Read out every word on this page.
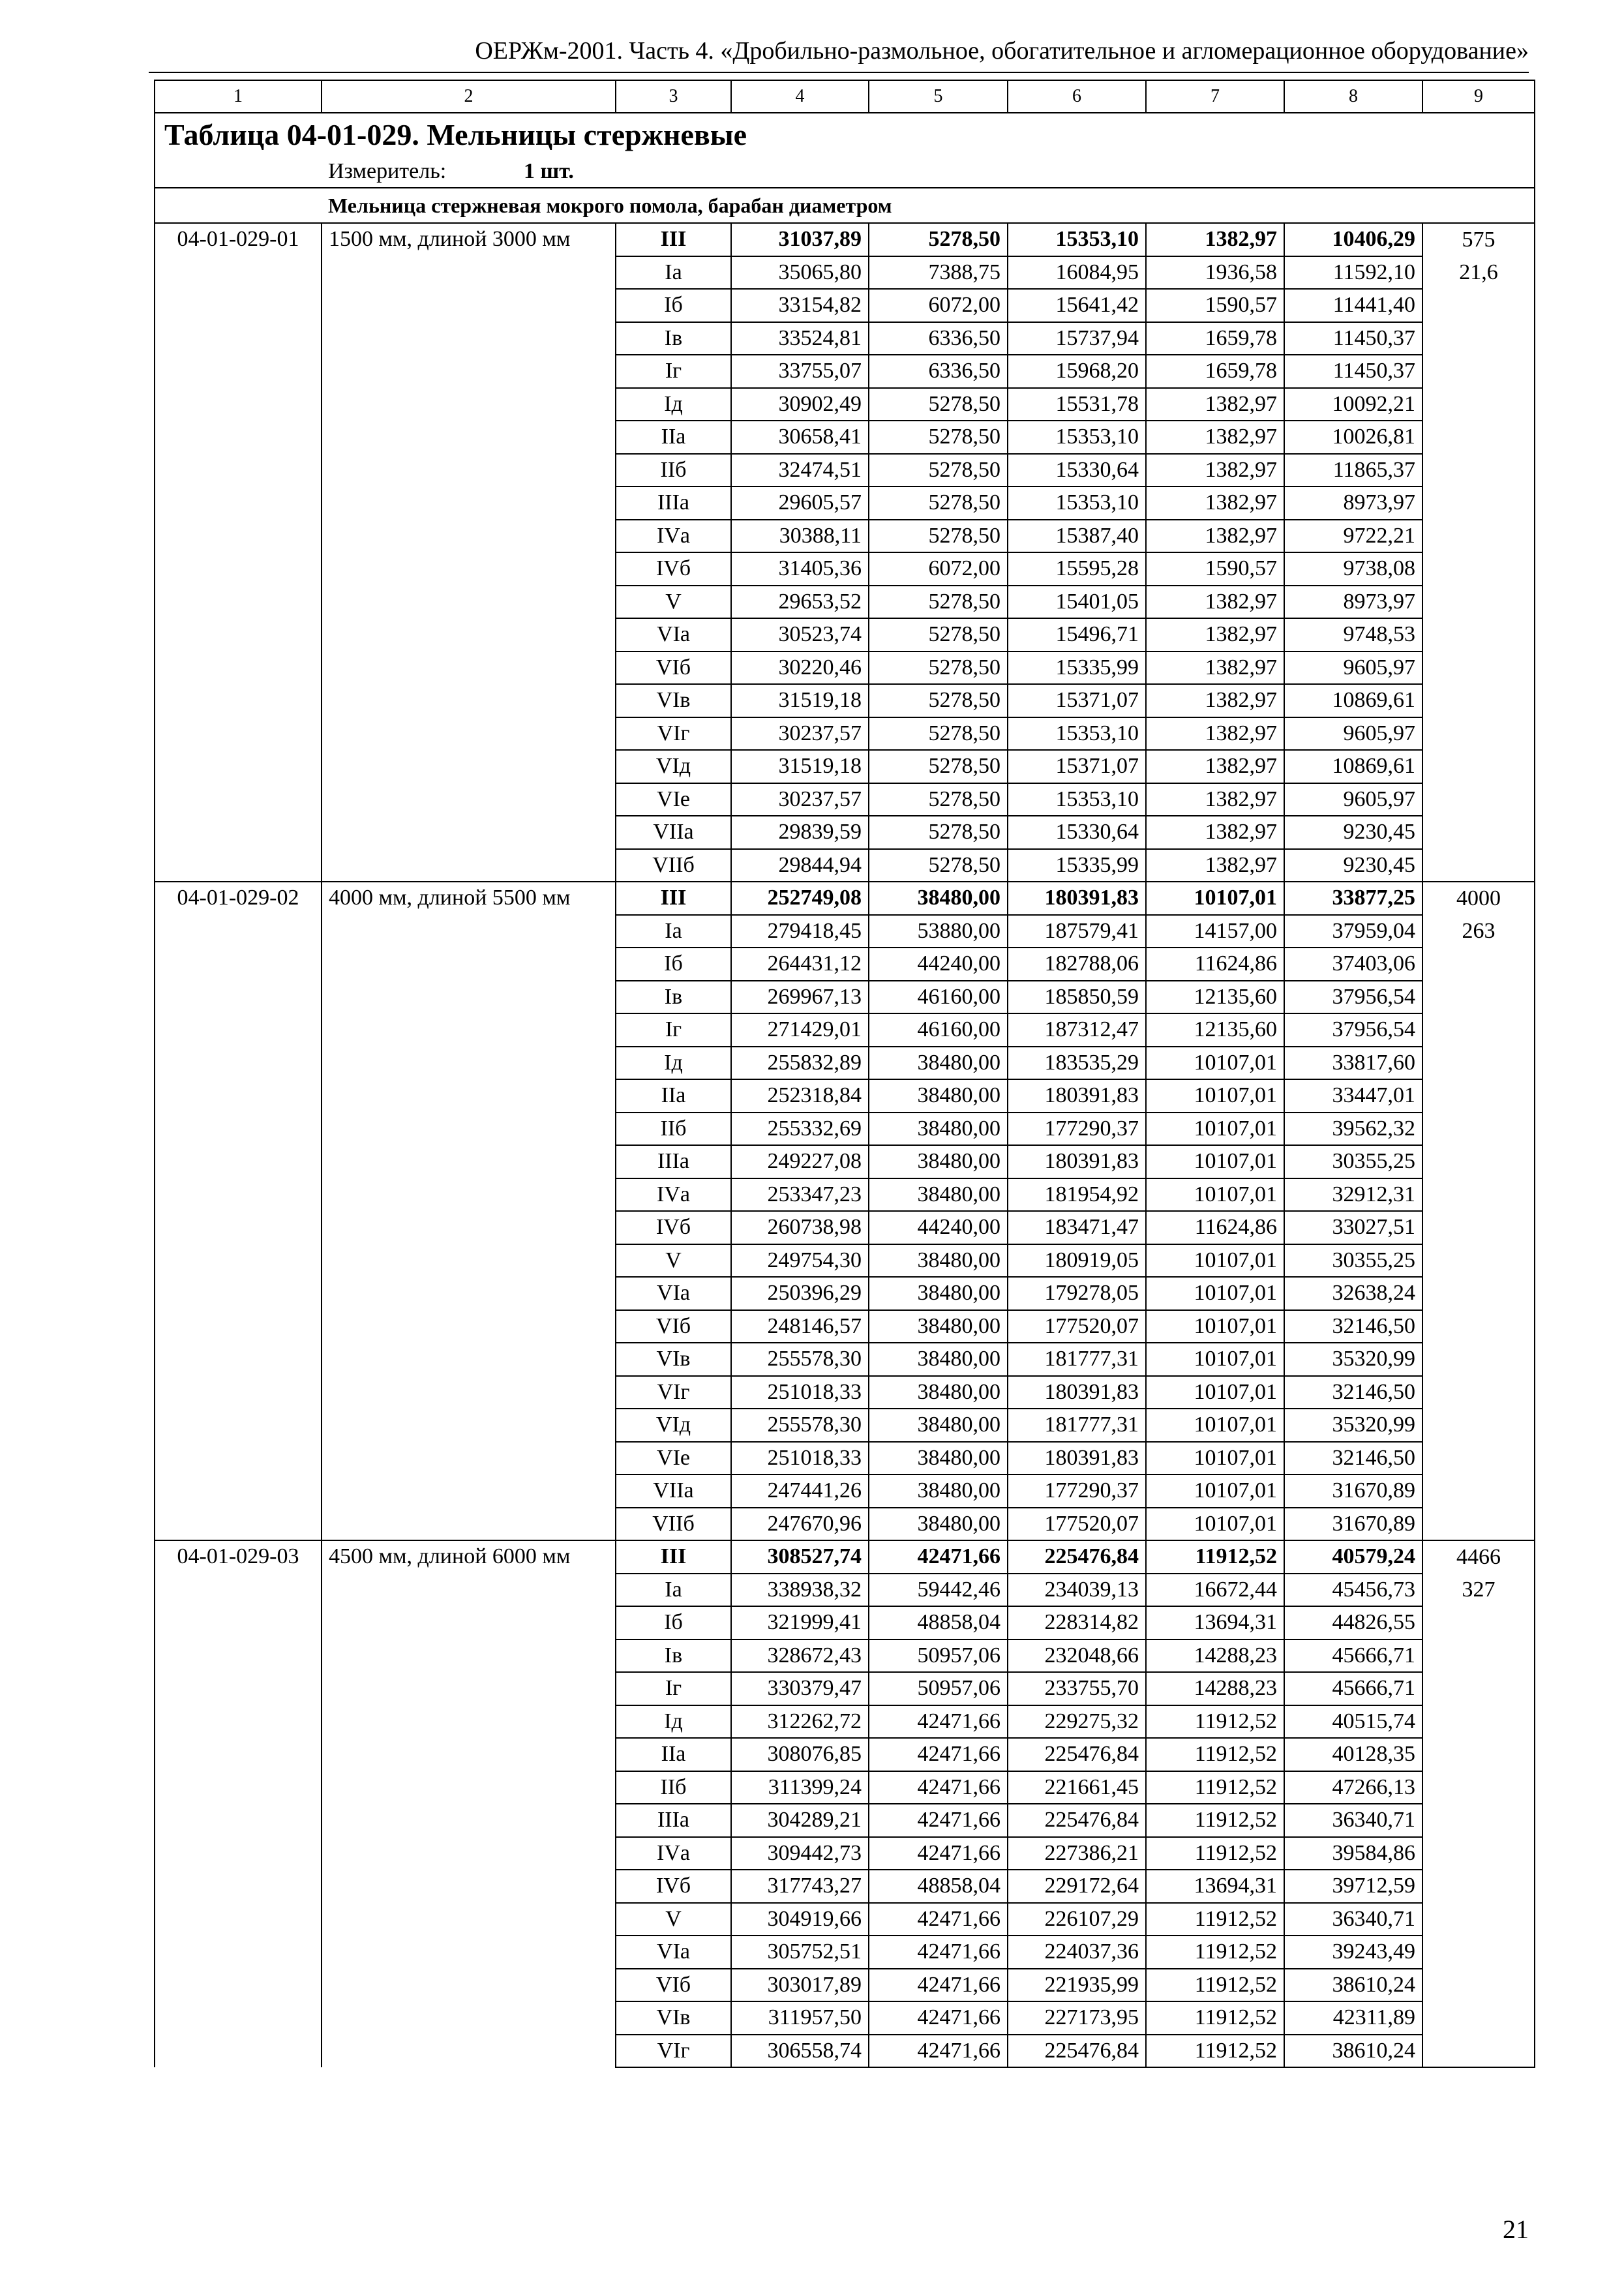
ОЕРЖм-2001. Часть 4. «Дробильно-размольное, обогатительное и агломерационное оборудование»
1	2	3	4	5	6	7	8	9
Таблица 04-01-029. Мельницы стержневые								
	Измеритель: 1 шт.							
	Мельница стержневая мокрого помола, барабан диаметром							
04-01-029-01	1500 мм, длиной 3000 мм	III	31037,89	5278,50	15353,10	1382,97	10406,29	575
		Iа	35065,80	7388,75	16084,95	1936,58	11592,10	21,6
		Iб	33154,82	6072,00	15641,42	1590,57	11441,40	
		Iв	33524,81	6336,50	15737,94	1659,78	11450,37	
		Iг	33755,07	6336,50	15968,20	1659,78	11450,37	
		Iд	30902,49	5278,50	15531,78	1382,97	10092,21	
		IIа	30658,41	5278,50	15353,10	1382,97	10026,81	
		IIб	32474,51	5278,50	15330,64	1382,97	11865,37	
		IIIа	29605,57	5278,50	15353,10	1382,97	8973,97	
		IVа	30388,11	5278,50	15387,40	1382,97	9722,21	
		IVб	31405,36	6072,00	15595,28	1590,57	9738,08	
		V	29653,52	5278,50	15401,05	1382,97	8973,97	
		VIа	30523,74	5278,50	15496,71	1382,97	9748,53	
		VIб	30220,46	5278,50	15335,99	1382,97	9605,97	
		VIв	31519,18	5278,50	15371,07	1382,97	10869,61	
		VIг	30237,57	5278,50	15353,10	1382,97	9605,97	
		VIд	31519,18	5278,50	15371,07	1382,97	10869,61	
		VIе	30237,57	5278,50	15353,10	1382,97	9605,97	
		VIIа	29839,59	5278,50	15330,64	1382,97	9230,45	
		VIIб	29844,94	5278,50	15335,99	1382,97	9230,45	
04-01-029-02	4000 мм, длиной 5500 мм	III	252749,08	38480,00	180391,83	10107,01	33877,25	4000
		Iа	279418,45	53880,00	187579,41	14157,00	37959,04	263
		Iб	264431,12	44240,00	182788,06	11624,86	37403,06	
		Iв	269967,13	46160,00	185850,59	12135,60	37956,54	
		Iг	271429,01	46160,00	187312,47	12135,60	37956,54	
		Iд	255832,89	38480,00	183535,29	10107,01	33817,60	
		IIа	252318,84	38480,00	180391,83	10107,01	33447,01	
		IIб	255332,69	38480,00	177290,37	10107,01	39562,32	
		IIIа	249227,08	38480,00	180391,83	10107,01	30355,25	
		IVа	253347,23	38480,00	181954,92	10107,01	32912,31	
		IVб	260738,98	44240,00	183471,47	11624,86	33027,51	
		V	249754,30	38480,00	180919,05	10107,01	30355,25	
		VIа	250396,29	38480,00	179278,05	10107,01	32638,24	
		VIб	248146,57	38480,00	177520,07	10107,01	32146,50	
		VIв	255578,30	38480,00	181777,31	10107,01	35320,99	
		VIг	251018,33	38480,00	180391,83	10107,01	32146,50	
		VIд	255578,30	38480,00	181777,31	10107,01	35320,99	
		VIе	251018,33	38480,00	180391,83	10107,01	32146,50	
		VIIа	247441,26	38480,00	177290,37	10107,01	31670,89	
		VIIб	247670,96	38480,00	177520,07	10107,01	31670,89	
04-01-029-03	4500 мм, длиной 6000 мм	III	308527,74	42471,66	225476,84	11912,52	40579,24	4466
		Iа	338938,32	59442,46	234039,13	16672,44	45456,73	327
		Iб	321999,41	48858,04	228314,82	13694,31	44826,55	
		Iв	328672,43	50957,06	232048,66	14288,23	45666,71	
		Iг	330379,47	50957,06	233755,70	14288,23	45666,71	
		Iд	312262,72	42471,66	229275,32	11912,52	40515,74	
		IIа	308076,85	42471,66	225476,84	11912,52	40128,35	
		IIб	311399,24	42471,66	221661,45	11912,52	47266,13	
		IIIа	304289,21	42471,66	225476,84	11912,52	36340,71	
		IVа	309442,73	42471,66	227386,21	11912,52	39584,86	
		IVб	317743,27	48858,04	229172,64	13694,31	39712,59	
		V	304919,66	42471,66	226107,29	11912,52	36340,71	
		VIа	305752,51	42471,66	224037,36	11912,52	39243,49	
		VIб	303017,89	42471,66	221935,99	11912,52	38610,24	
		VIв	311957,50	42471,66	227173,95	11912,52	42311,89	
		VIг	306558,74	42471,66	225476,84	11912,52	38610,24	
21
